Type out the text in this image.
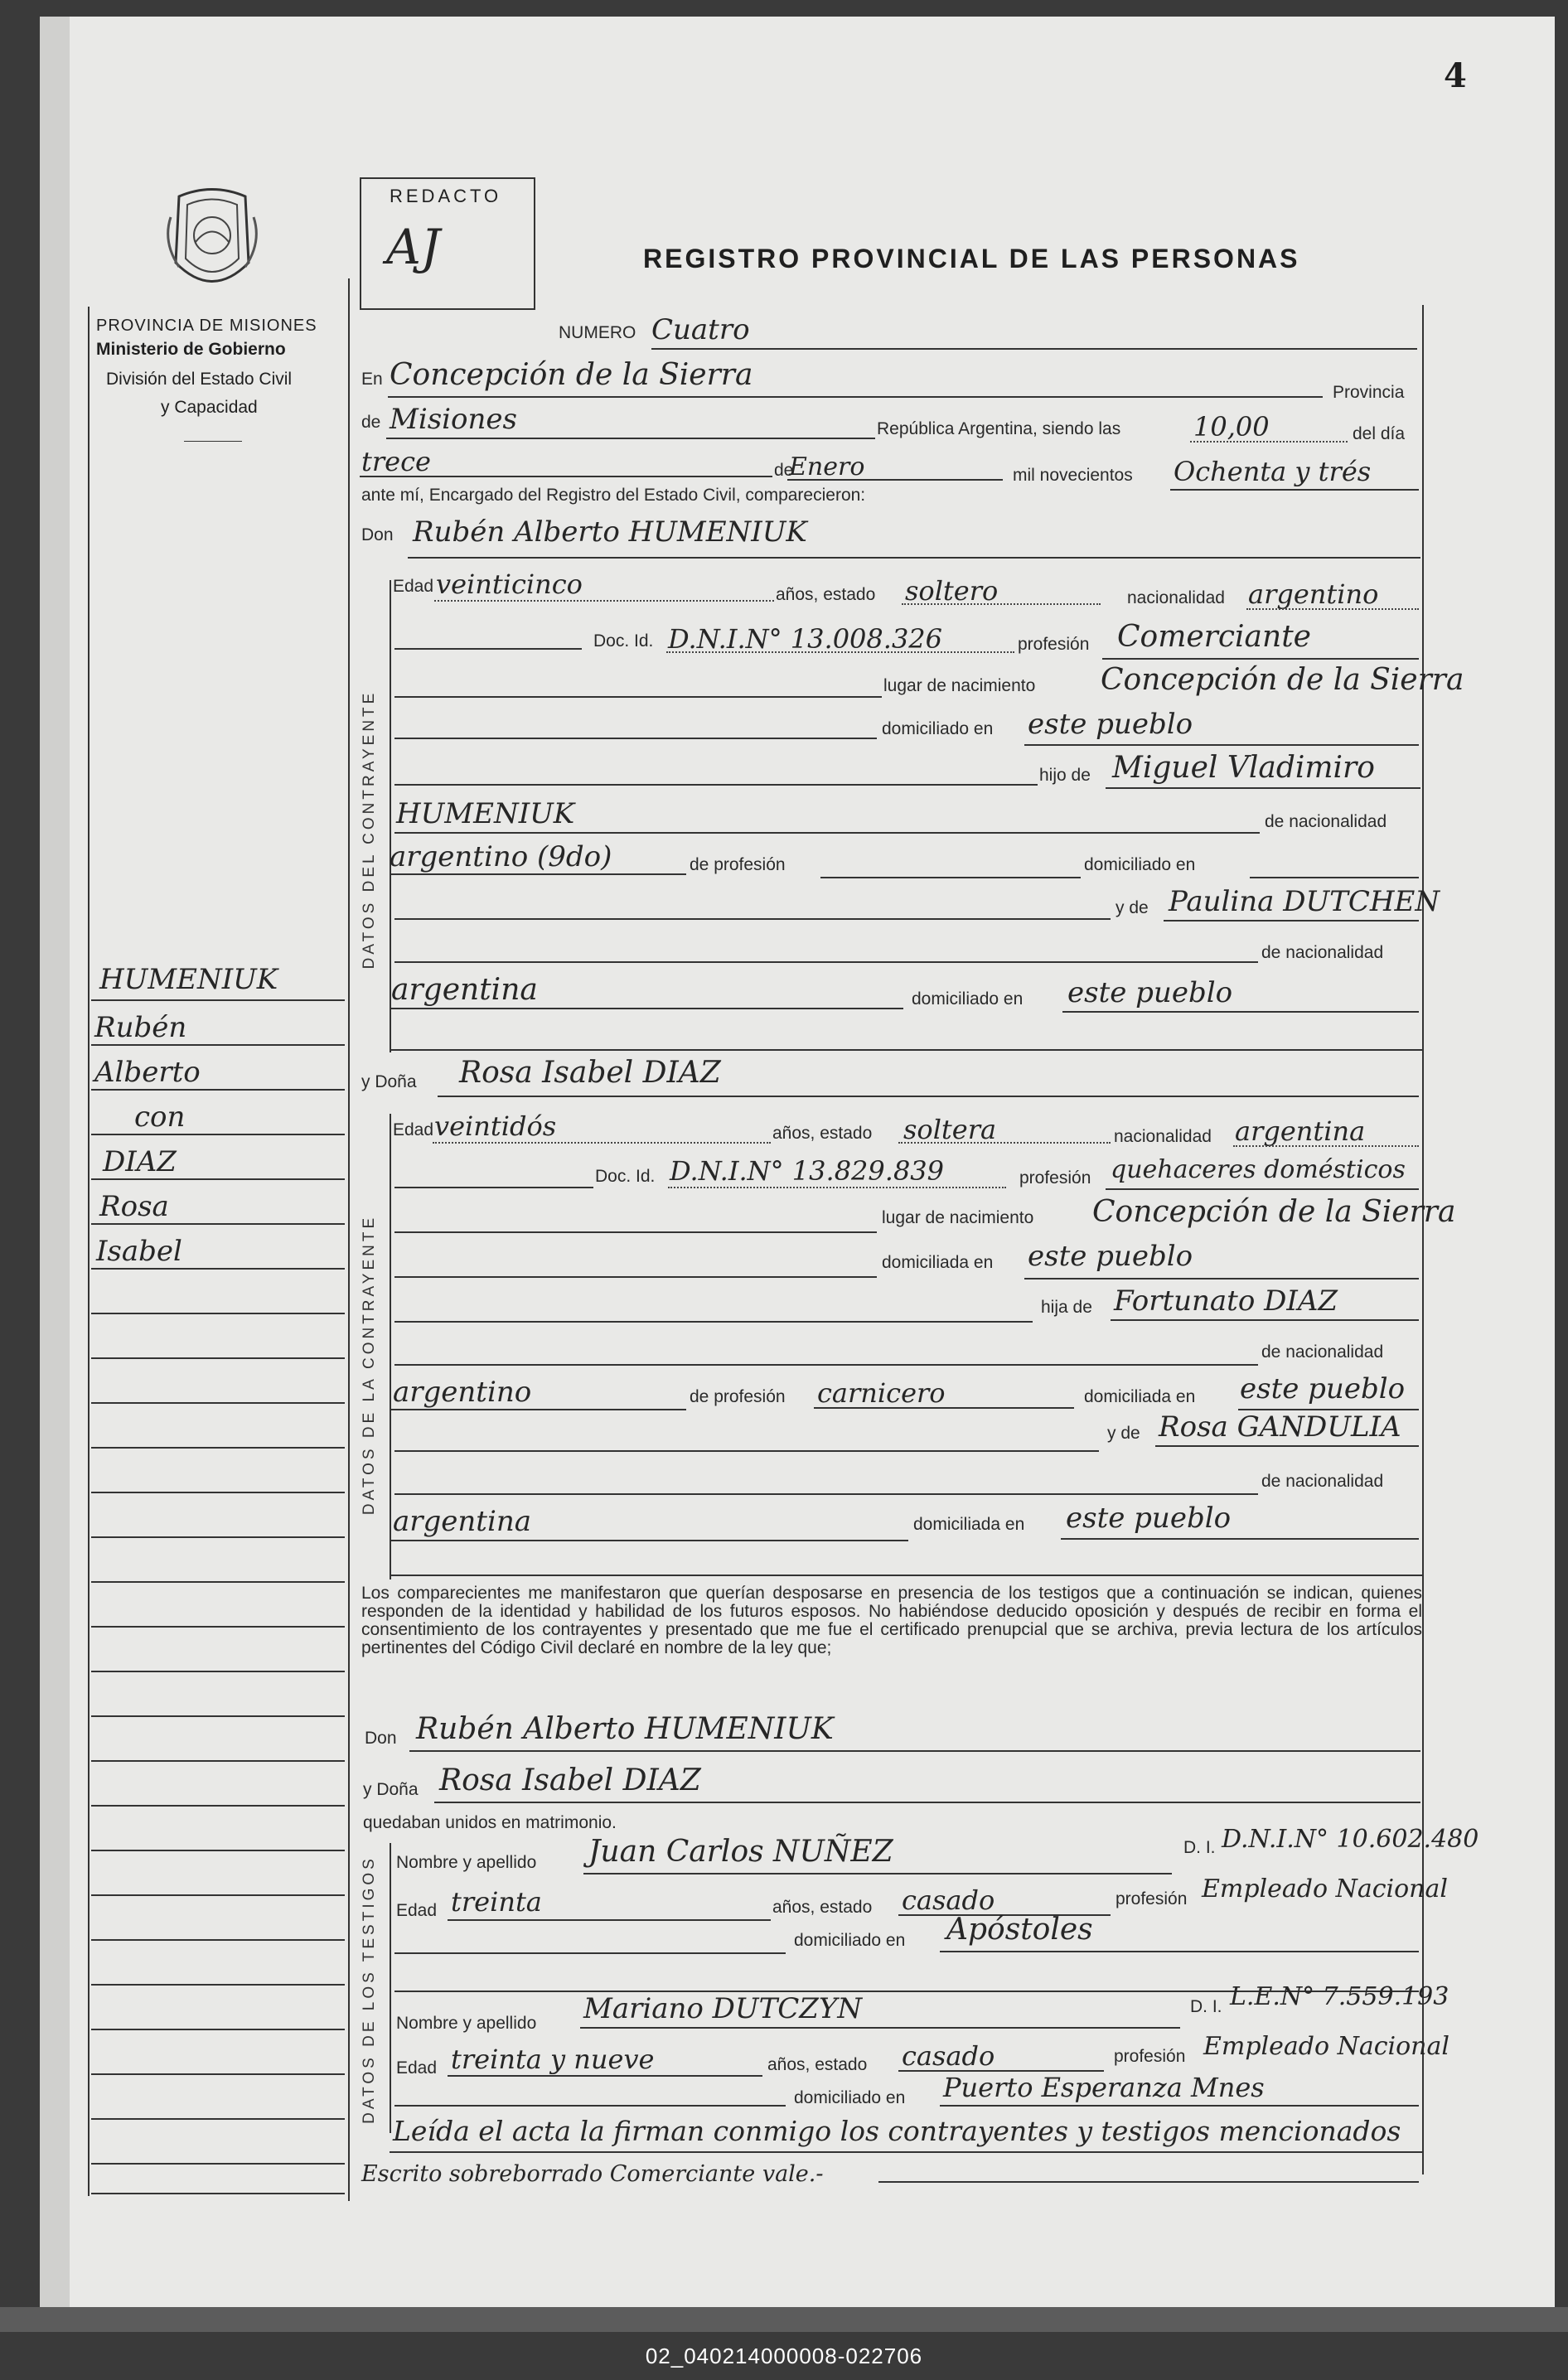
4
PROVINCIA DE MISIONES
Ministerio de Gobierno
División del Estado Civil
y Capacidad
REDACTO
AJ	REGISTRO PROVINCIAL DE LAS PERSONAS
HUMENIUK
Rubén
Alberto
con
DIAZ
Rosa
Isabel
NUMERO Cuatro
En Concepción de la Sierra
Provincia
de Misiones	República Argentina, siendo las	10,00	del día
trece	de
Enero	mil novecientos Ochenta y trés
ante mí, Encargado del Registro del Estado Civil, comparecieron:
Don Rubén Alberto HUMENIUK
DATOS DEL CONTRAYENTE
Edad veinticinco	años, estado soltero	nacionalidad argentino
Doc. Id. D.N.I.N° 13.008.326	profesión Comerciante
lugar de nacimiento Concepción de la Sierra
domiciliado en este pueblo
hijo de Miguel Vladimiro
HUMENIUK	de nacionalidad
argentino (9do)	de profesión	domiciliado en
y de Paulina DUTCHEN
de nacionalidad
argentina	domiciliado en este pueblo
y Doña Rosa Isabel DIAZ
DATOS DE LA CONTRAYENTE
Edad veintidós	años, estado soltera	nacionalidad argentina
Doc. Id. D.N.I.N° 13.829.839	profesión quehaceres domésticos
lugar de nacimiento Concepción de la Sierra
domiciliada en este pueblo
hija de Fortunato DIAZ
de nacionalidad
argentino	de profesión carnicero	domiciliada en este pueblo
y de Rosa GANDULIA
de nacionalidad
argentina	domiciliada en este pueblo
Los comparecientes me manifestaron que querían desposarse en presencia de los testigos que a continuación se indican, quienes responden de la identidad y habilidad de los futuros esposos. No habiéndose deducido oposición y después de recibir en forma el consentimiento de los contrayentes y presentado que me fue el certificado prenupcial que se archiva, previa lectura de los artículos pertinentes del Código Civil declaré en nombre de la ley que;
Don Rubén Alberto HUMENIUK
y Doña Rosa Isabel DIAZ
quedaban unidos en matrimonio.
DATOS DE LOS TESTIGOS Nombre y apellido Juan Carlos NUÑEZ	D. I. D.N.I.N° 10.602.480
Edad treinta	años, estado casado	profesión Empleado Nacional
domiciliado en Apóstoles
Nombre y apellido Mariano DUTCZYN	D. I. L.E.N° 7.559.193
Edad treinta y nueve	años, estado casado	profesión Empleado Nacional
domiciliado en Puerto Esperanza Mnes
Leída el acta la firman conmigo los contrayentes y testigos mencionados
Escrito sobreborrado Comerciante vale.-
02_040214000008-022706
